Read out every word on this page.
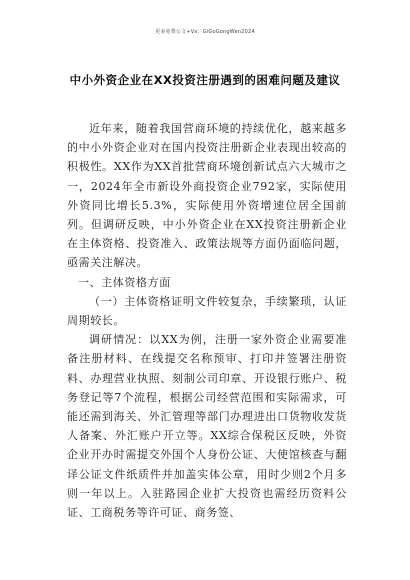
更多免费公文+Vx：GiGoGongWen2024
中小外资企业在XX投资注册遇到的困难问题及建议

近年来，随着我国营商环境的持续优化，越来越多的中小外资企业对在国内投资注册新企业表现出较高的积极性。XX作为XX首批营商环境创新试点六大城市之一，2024年全市新设外商投资企业792家，实际使用外资同比增长5.3%，实际使用外资增速位居全国前列。但调研反映，中小外资企业在XX投资注册新企业在主体资格、投资准入、政策法规等方面仍面临问题，亟需关注解决。

一、主体资格方面

（一）主体资格证明文件较复杂，手续繁琐，认证周期较长。

调研情况：以XX为例，注册一家外资企业需要准备注册材料、在线提交名称预审、打印并签署注册资料、办理营业执照、刻制公司印章、开设银行账户、税务登记等7个流程，根据公司经营范围和实际需求，可能还需到海关、外汇管理等部门办理进出口货物收发货人备案、外汇账户开立等。XX综合保税区反映，外资企业开办时需提交外国个人身份公证、大使馆核查与翻译公证文件纸质件并加盖实体公章，用时少则2个月多则一年以上。入驻路园企业扩大投资也需经历资料公证、工商税务等许可证、商务签、
